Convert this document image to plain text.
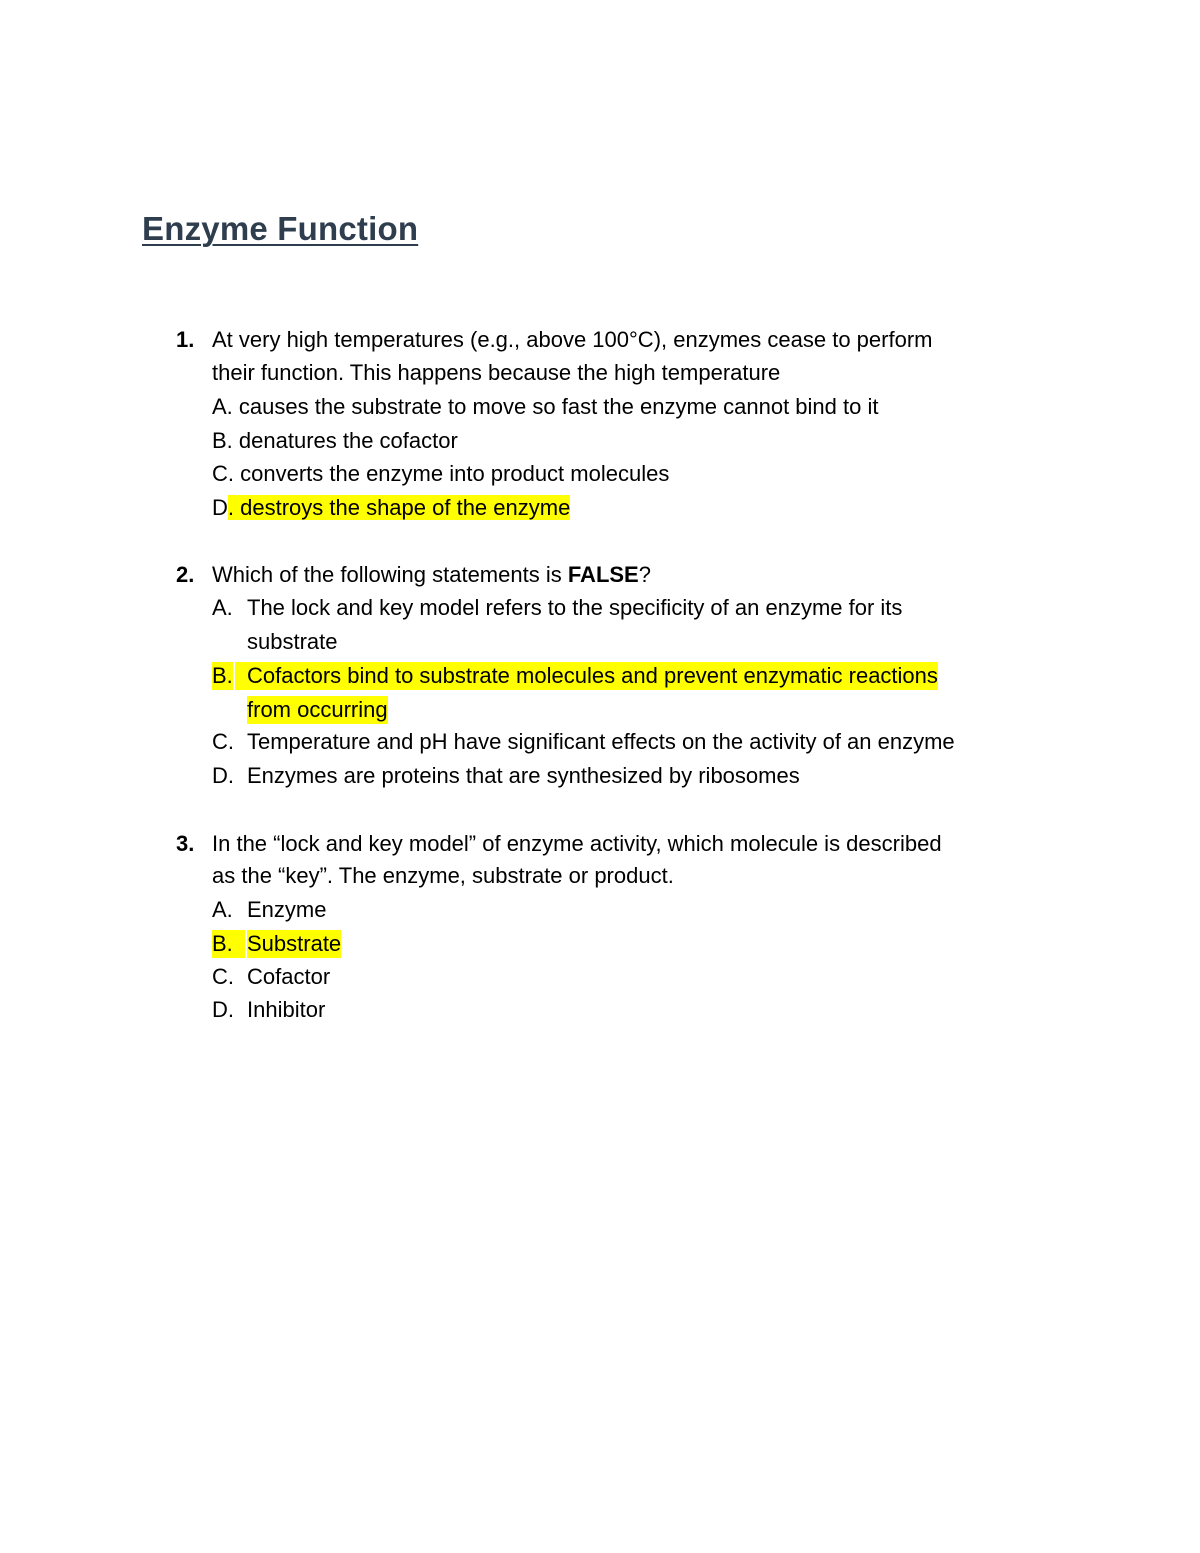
Enzyme Function
1. At very high temperatures (e.g., above 100°C), enzymes cease to perform
their function. This happens because the high temperature
A. causes the substrate to move so fast the enzyme cannot bind to it
B. denatures the cofactor
C. converts the enzyme into product molecules
D. destroys the shape of the enzyme
2. Which of the following statements is FALSE?
A. The lock and key model refers to the specificity of an enzyme for its
substrate
B. Cofactors bind to substrate molecules and prevent enzymatic reactions
from occurring
C. Temperature and pH have significant effects on the activity of an enzyme
D. Enzymes are proteins that are synthesized by ribosomes
3. In the “lock and key model” of enzyme activity, which molecule is described
as the “key”. The enzyme, substrate or product.
A. Enzyme
B. Substrate
C. Cofactor
D. Inhibitor
